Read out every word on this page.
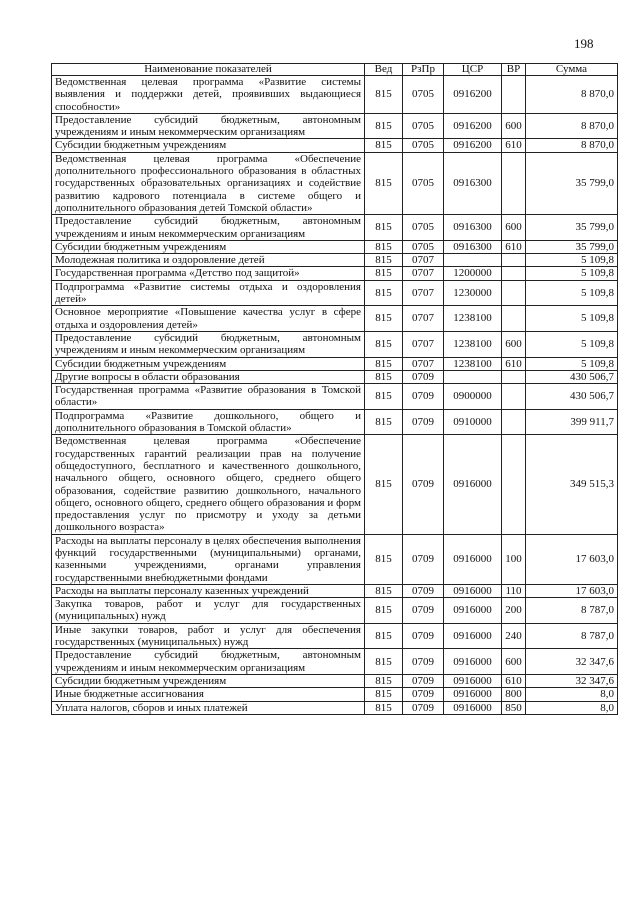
198
Наименование показателей	Вед	РзПр	ЦСР	ВР	Сумма
Ведомственная целевая программа «Развитие системы выявления и поддержки детей, проявивших выдающиеся способности»	815	0705	0916200		8 870,0
Предоставление субсидий бюджетным, автономным учреждениям и иным некоммерческим организациям	815	0705	0916200	600	8 870,0
Субсидии бюджетным учреждениям	815	0705	0916200	610	8 870,0
Ведомственная целевая программа «Обеспечение дополнительного профессионального образования в областных государственных образовательных организациях и содействие развитию кадрового потенциала в системе общего и дополнительного образования детей Томской области»	815	0705	0916300		35 799,0
Предоставление субсидий бюджетным, автономным учреждениям и иным некоммерческим организациям	815	0705	0916300	600	35 799,0
Субсидии бюджетным учреждениям	815	0705	0916300	610	35 799,0
Молодежная политика и оздоровление детей	815	0707			5 109,8
Государственная программа «Детство под защитой»	815	0707	1200000		5 109,8
Подпрограмма «Развитие системы отдыха и оздоровления детей»	815	0707	1230000		5 109,8
Основное мероприятие «Повышение качества услуг в сфере отдыха и оздоровления детей»	815	0707	1238100		5 109,8
Предоставление субсидий бюджетным, автономным учреждениям и иным некоммерческим организациям	815	0707	1238100	600	5 109,8
Субсидии бюджетным учреждениям	815	0707	1238100	610	5 109,8
Другие вопросы в области образования	815	0709			430 506,7
Государственная программа «Развитие образования в Томской области»	815	0709	0900000		430 506,7
Подпрограмма «Развитие дошкольного, общего и дополнительного образования в Томской области»	815	0709	0910000		399 911,7
Ведомственная целевая программа «Обеспечение государственных гарантий реализации прав на получение общедоступного, бесплатного и качественного дошкольного, начального общего, основного общего, среднего общего образования, содействие развитию дошкольного, начального общего, основного общего, среднего общего образования и форм предоставления услуг по присмотру и уходу за детьми дошкольного возраста»	815	0709	0916000		349 515,3
Расходы на выплаты персоналу в целях обеспечения выполнения функций государственными (муниципальными) органами, казенными учреждениями, органами управления государственными внебюджетными фондами	815	0709	0916000	100	17 603,0
Расходы на выплаты персоналу казенных учреждений	815	0709	0916000	110	17 603,0
Закупка товаров, работ и услуг для государственных (муниципальных) нужд	815	0709	0916000	200	8 787,0
Иные закупки товаров, работ и услуг для обеспечения государственных (муниципальных) нужд	815	0709	0916000	240	8 787,0
Предоставление субсидий бюджетным, автономным учреждениям и иным некоммерческим организациям	815	0709	0916000	600	32 347,6
Субсидии бюджетным учреждениям	815	0709	0916000	610	32 347,6
Иные бюджетные ассигнования	815	0709	0916000	800	8,0
Уплата налогов, сборов и иных платежей	815	0709	0916000	850	8,0
